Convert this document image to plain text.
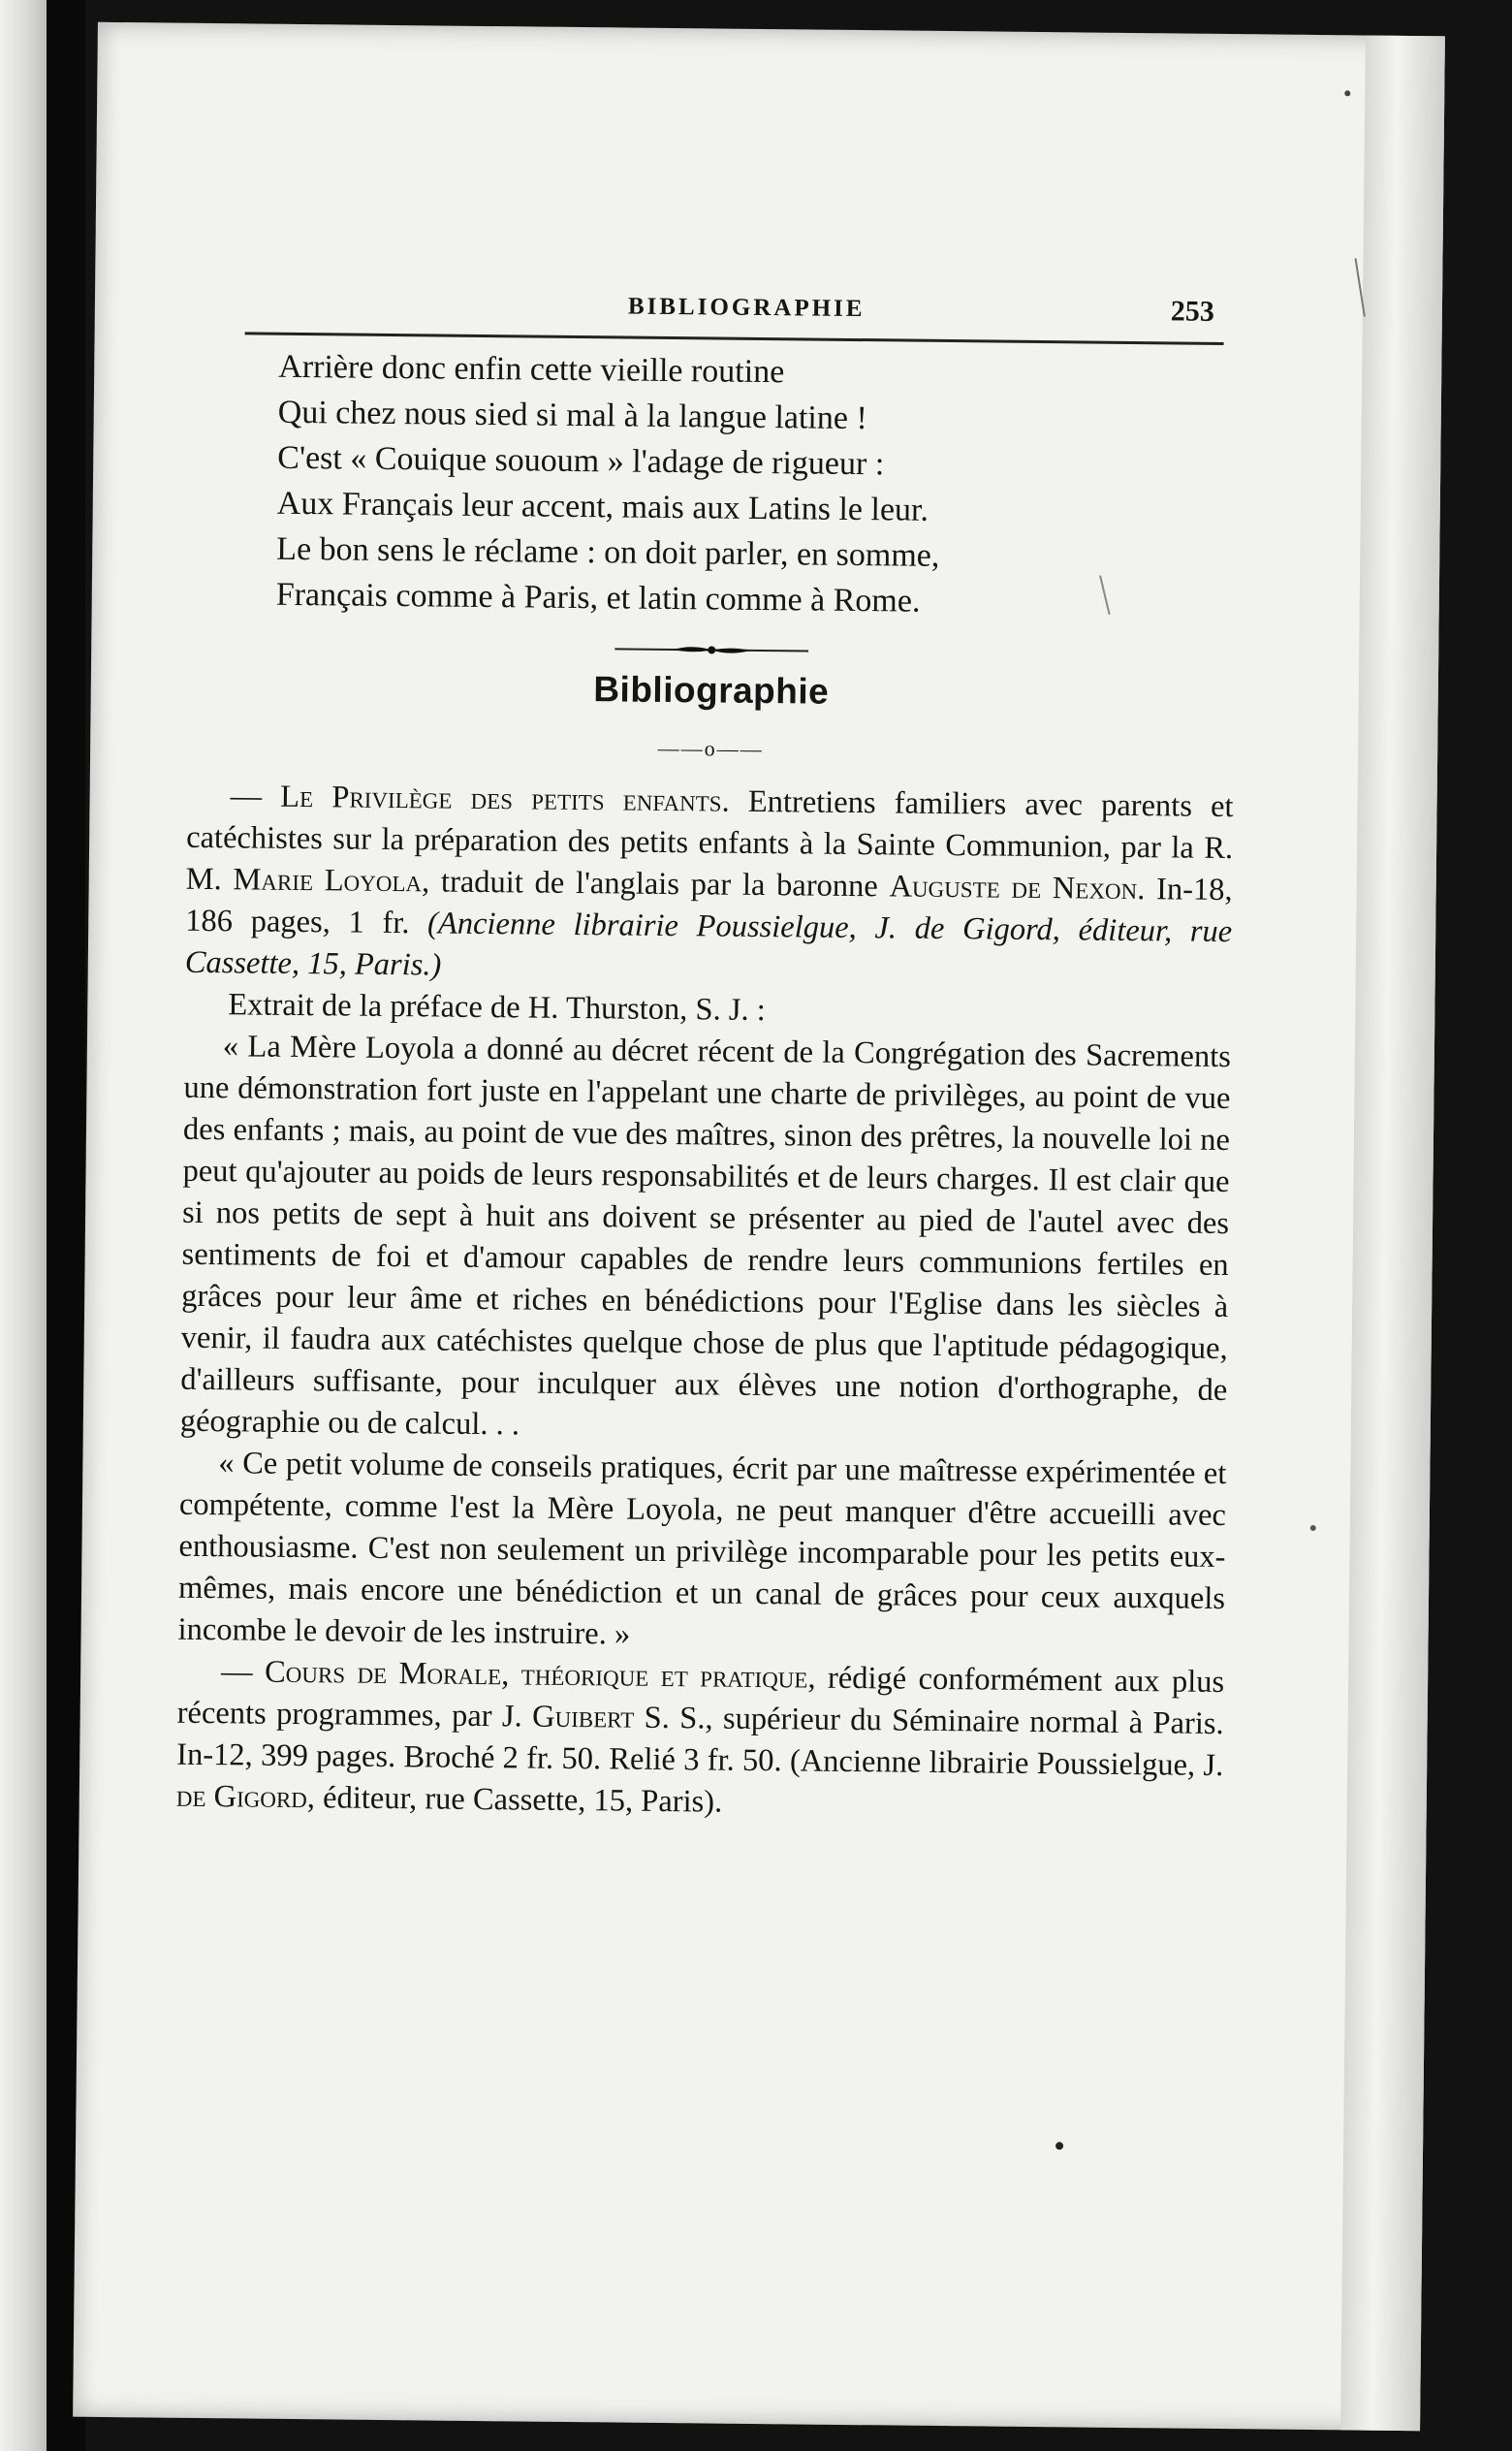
BIBLIOGRAPHIE	253
Arrière donc enfin cette vieille routine
Qui chez nous sied si mal à la langue latine !
C'est « Couique sououm » l'adage de rigueur :
Aux Français leur accent, mais aux Latins le leur.
Le bon sens le réclame : on doit parler, en somme,
Français comme à Paris, et latin comme à Rome.
Bibliographie
——o——

— Le Privilège des petits enfants. Entretiens familiers avec parents et catéchistes sur la préparation des petits enfants à la Sainte Communion, par la R. M. Marie Loyola, traduit de l'anglais par la baronne Auguste de Nexon. In-18, 186 pages, 1 fr. (Ancienne librairie Poussielgue, J. de Gigord, éditeur, rue Cassette, 15, Paris.)

Extrait de la préface de H. Thurston, S. J. :

« La Mère Loyola a donné au décret récent de la Congrégation des Sacrements une démonstration fort juste en l'appelant une charte de privilèges, au point de vue des enfants ; mais, au point de vue des maîtres, sinon des prêtres, la nouvelle loi ne peut qu'ajouter au poids de leurs responsabilités et de leurs charges. Il est clair que si nos petits de sept à huit ans doivent se présenter au pied de l'autel avec des sentiments de foi et d'amour capables de rendre leurs communions fertiles en grâces pour leur âme et riches en bénédictions pour l'Eglise dans les siècles à venir, il faudra aux catéchistes quelque chose de plus que l'aptitude pédagogique, d'ailleurs suffisante, pour inculquer aux élèves une notion d'orthographe, de géographie ou de calcul. . .

« Ce petit volume de conseils pratiques, écrit par une maîtresse expérimentée et compétente, comme l'est la Mère Loyola, ne peut manquer d'être accueilli avec enthousiasme. C'est non seulement un privilège incomparable pour les petits eux-mêmes, mais encore une bénédiction et un canal de grâces pour ceux auxquels incombe le devoir de les instruire. »

— Cours de Morale, théorique et pratique, rédigé conformément aux plus récents programmes, par J. Guibert S. S., supérieur du Séminaire normal à Paris. In-12, 399 pages. Broché 2 fr. 50. Relié 3 fr. 50. (Ancienne librairie Poussielgue, J. de Gigord, éditeur, rue Cassette, 15, Paris).
